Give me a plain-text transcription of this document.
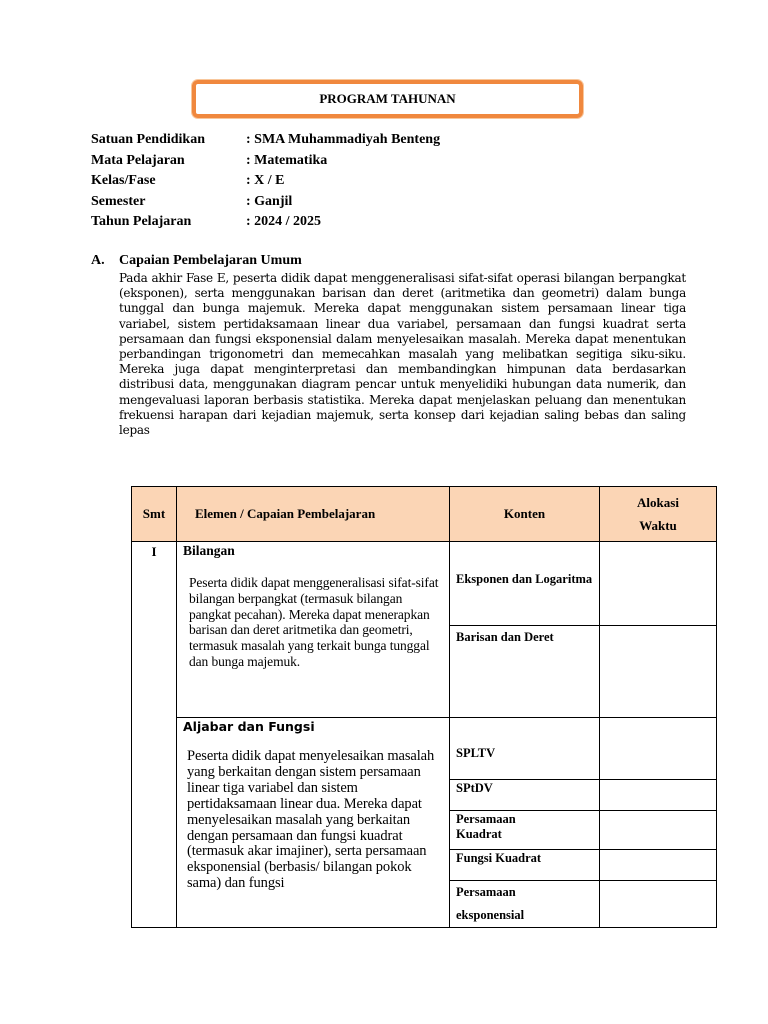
PROGRAM TAHUNAN
Satuan Pendidikan	: SMA Muhammadiyah Benteng
Mata Pelajaran	: Matematika
Kelas/Fase	: X / E
Semester	: Ganjil
Tahun Pelajaran	: 2024 / 2025
A.	Capaian Pembelajaran Umum
Pada akhir Fase E, peserta didik dapat menggeneralisasi sifat-sifat operasi bilangan berpangkat (eksponen), serta menggunakan barisan dan deret (aritmetika dan geometri) dalam bunga tunggal dan bunga majemuk. Mereka dapat menggunakan sistem persamaan linear tiga variabel, sistem pertidaksamaan linear dua variabel, persamaan dan fungsi kuadrat serta persamaan dan fungsi eksponensial dalam menyelesaikan masalah. Mereka dapat menentukan perbandingan trigonometri dan memecahkan masalah yang melibatkan segitiga siku-siku. Mereka juga dapat menginterpretasi dan membandingkan himpunan data berdasarkan distribusi data, menggunakan diagram pencar untuk menyelidiki hubungan data numerik, dan mengevaluasi laporan berbasis statistika. Mereka dapat menjelaskan peluang dan menentukan frekuensi harapan dari kejadian majemuk, serta konsep dari kejadian saling bebas dan saling lepas
Smt	Elemen / Capaian Pembelajaran	Konten	Alokasi
Waktu

I	Bilangan
Peserta didik dapat menggeneralisasi sifat-sifat bilangan berpangkat (termasuk bilangan pangkat pecahan). Mereka dapat menerapkan barisan dan deret aritmetika dan geometri, termasuk masalah yang terkait bunga tunggal dan bunga majemuk.	Eksponen dan Logaritma	

		Barisan dan Deret	

	Aljabar dan Fungsi
Peserta didik dapat menyelesaikan masalah yang berkaitan dengan sistem persamaan linear tiga variabel dan sistem pertidaksamaan linear dua. Mereka dapat menyelesaikan masalah yang berkaitan dengan persamaan dan fungsi kuadrat (termasuk akar imajiner), serta persamaan eksponensial (berbasis/ bilangan pokok sama) dan fungsi	SPLTV	

		SPtDV	

		Persamaan Kuadrat	

		Fungsi Kuadrat	

		Persamaan eksponensial	
